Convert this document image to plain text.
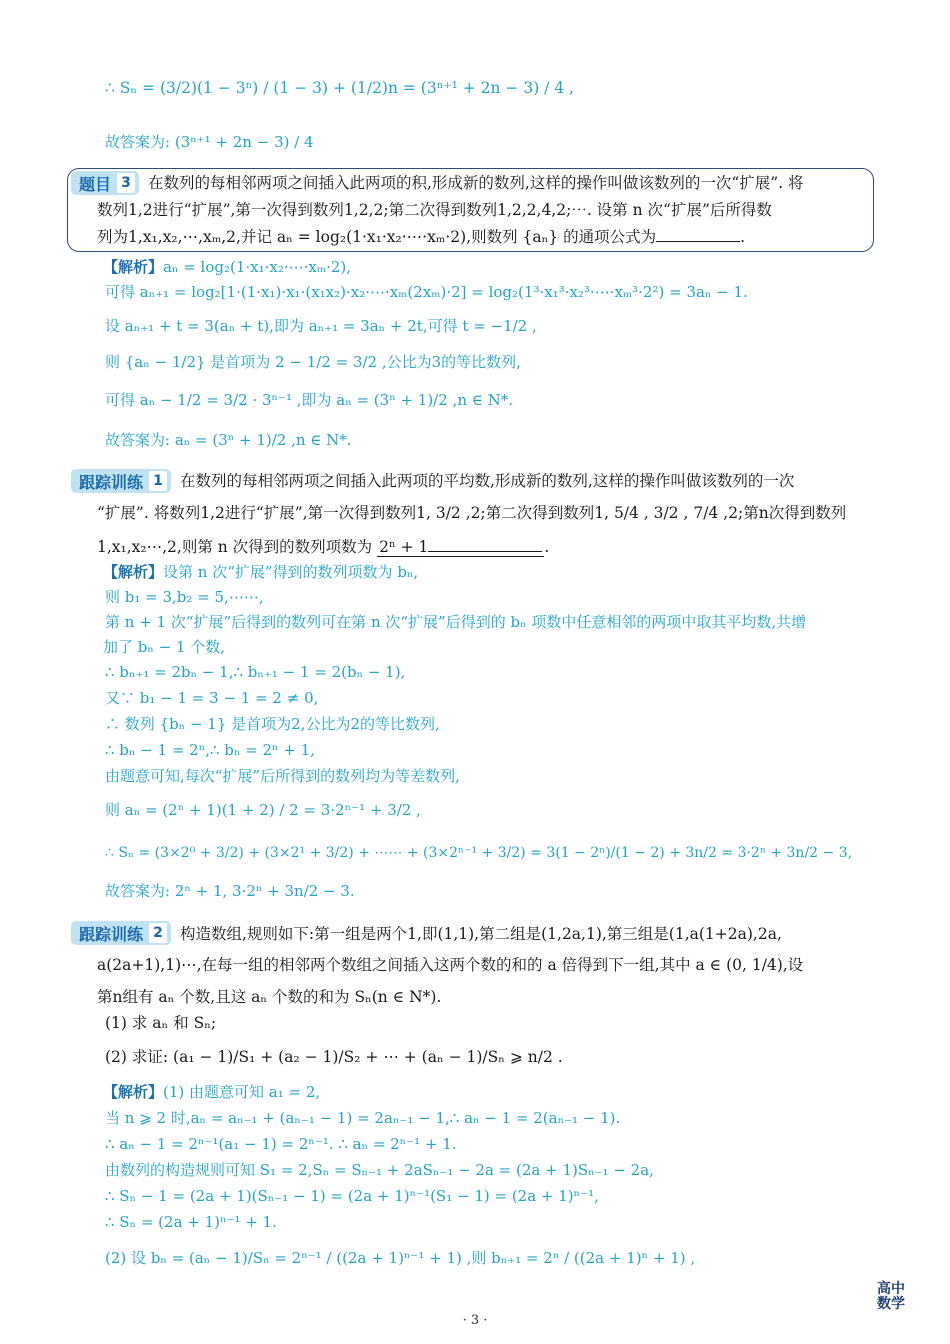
∴ Sₙ = (3/2)(1 − 3ⁿ) / (1 − 3) + (1/2)n = (3ⁿ⁺¹ + 2n − 3) / 4 ,
故答案为: (3ⁿ⁺¹ + 2n − 3) / 4
题目 3 在数列的每相邻两项之间插入此两项的积,形成新的数列,这样的操作叫做该数列的一次“扩展”. 将
数列1,2进行“扩展”,第一次得到数列1,2,2;第二次得到数列1,2,2,4,2;⋯. 设第 n 次“扩展”后所得数
列为1,x₁,x₂,⋯,xₘ,2,并记 aₙ = log₂(1·x₁·x₂·⋯·xₘ·2),则数列 {aₙ} 的通项公式为	.
【解析】aₙ = log₂(1·x₁·x₂·⋯·xₘ·2),
可得 aₙ₊₁ = log₂[1·(1·x₁)·x₁·(x₁x₂)·x₂·⋯·xₘ(2xₘ)·2] = log₂(1³·x₁³·x₂³·⋯·xₘ³·2²) = 3aₙ − 1.
设 aₙ₊₁ + t = 3(aₙ + t),即为 aₙ₊₁ = 3aₙ + 2t,可得 t = −1/2 ,
则 {aₙ − 1/2} 是首项为 2 − 1/2 = 3/2 ,公比为3的等比数列,
可得 aₙ − 1/2 = 3/2 · 3ⁿ⁻¹ ,即为 aₙ = (3ⁿ + 1)/2 ,n ∈ N*.
故答案为: aₙ = (3ⁿ + 1)/2 ,n ∈ N*.
跟踪训练 1 在数列的每相邻两项之间插入此两项的平均数,形成新的数列,这样的操作叫做该数列的一次
“扩展”. 将数列1,2进行“扩展”,第一次得到数列1, 3/2 ,2;第二次得到数列1, 5/4 , 3/2 , 7/4 ,2;第n次得到数列
1,x₁,x₂⋯,2,则第 n 次得到的数列项数为 2ⁿ + 1	.
【解析】设第 n 次“扩展”得到的数列项数为 bₙ,
则 b₁ = 3,b₂ = 5,⋯⋯,
第 n + 1 次“扩展”后得到的数列可在第 n 次“扩展”后得到的 bₙ 项数中任意相邻的两项中取其平均数,共增
加了 bₙ − 1 个数,
∴ bₙ₊₁ = 2bₙ − 1,∴ bₙ₊₁ − 1 = 2(bₙ − 1),
又∵ b₁ − 1 = 3 − 1 = 2 ≠ 0,
∴ 数列 {bₙ − 1} 是首项为2,公比为2的等比数列,
∴ bₙ − 1 = 2ⁿ,∴ bₙ = 2ⁿ + 1,
由题意可知,每次“扩展”后所得到的数列均为等差数列,
则 aₙ = (2ⁿ + 1)(1 + 2) / 2 = 3·2ⁿ⁻¹ + 3/2 ,
∴ Sₙ = (3×2⁰ + 3/2) + (3×2¹ + 3/2) + ⋯⋯ + (3×2ⁿ⁻¹ + 3/2) = 3(1 − 2ⁿ)/(1 − 2) + 3n/2 = 3·2ⁿ + 3n/2 − 3,
故答案为: 2ⁿ + 1, 3·2ⁿ + 3n/2 − 3.
跟踪训练 2 构造数组,规则如下:第一组是两个1,即(1,1),第二组是(1,2a,1),第三组是(1,a(1+2a),2a,
a(2a+1),1)⋯,在每一组的相邻两个数组之间插入这两个数的和的 a 倍得到下一组,其中 a ∈ (0, 1/4),设
第n组有 aₙ 个数,且这 aₙ 个数的和为 Sₙ(n ∈ N*).
(1) 求 aₙ 和 Sₙ;
(2) 求证: (a₁ − 1)/S₁ + (a₂ − 1)/S₂ + ⋯ + (aₙ − 1)/Sₙ ⩾ n/2 .
【解析】(1) 由题意可知 a₁ = 2,
当 n ⩾ 2 时,aₙ = aₙ₋₁ + (aₙ₋₁ − 1) = 2aₙ₋₁ − 1,∴ aₙ − 1 = 2(aₙ₋₁ − 1).
∴ aₙ − 1 = 2ⁿ⁻¹(a₁ − 1) = 2ⁿ⁻¹. ∴ aₙ = 2ⁿ⁻¹ + 1.
由数列的构造规则可知 S₁ = 2,Sₙ = Sₙ₋₁ + 2aSₙ₋₁ − 2a = (2a + 1)Sₙ₋₁ − 2a,
∴ Sₙ − 1 = (2a + 1)(Sₙ₋₁ − 1) = (2a + 1)ⁿ⁻¹(S₁ − 1) = (2a + 1)ⁿ⁻¹,
∴ Sₙ = (2a + 1)ⁿ⁻¹ + 1.
(2) 设 bₙ = (aₙ − 1)/Sₙ = 2ⁿ⁻¹ / ((2a + 1)ⁿ⁻¹ + 1) ,则 bₙ₊₁ = 2ⁿ / ((2a + 1)ⁿ + 1) ,
高中
数学
· 3 ·
